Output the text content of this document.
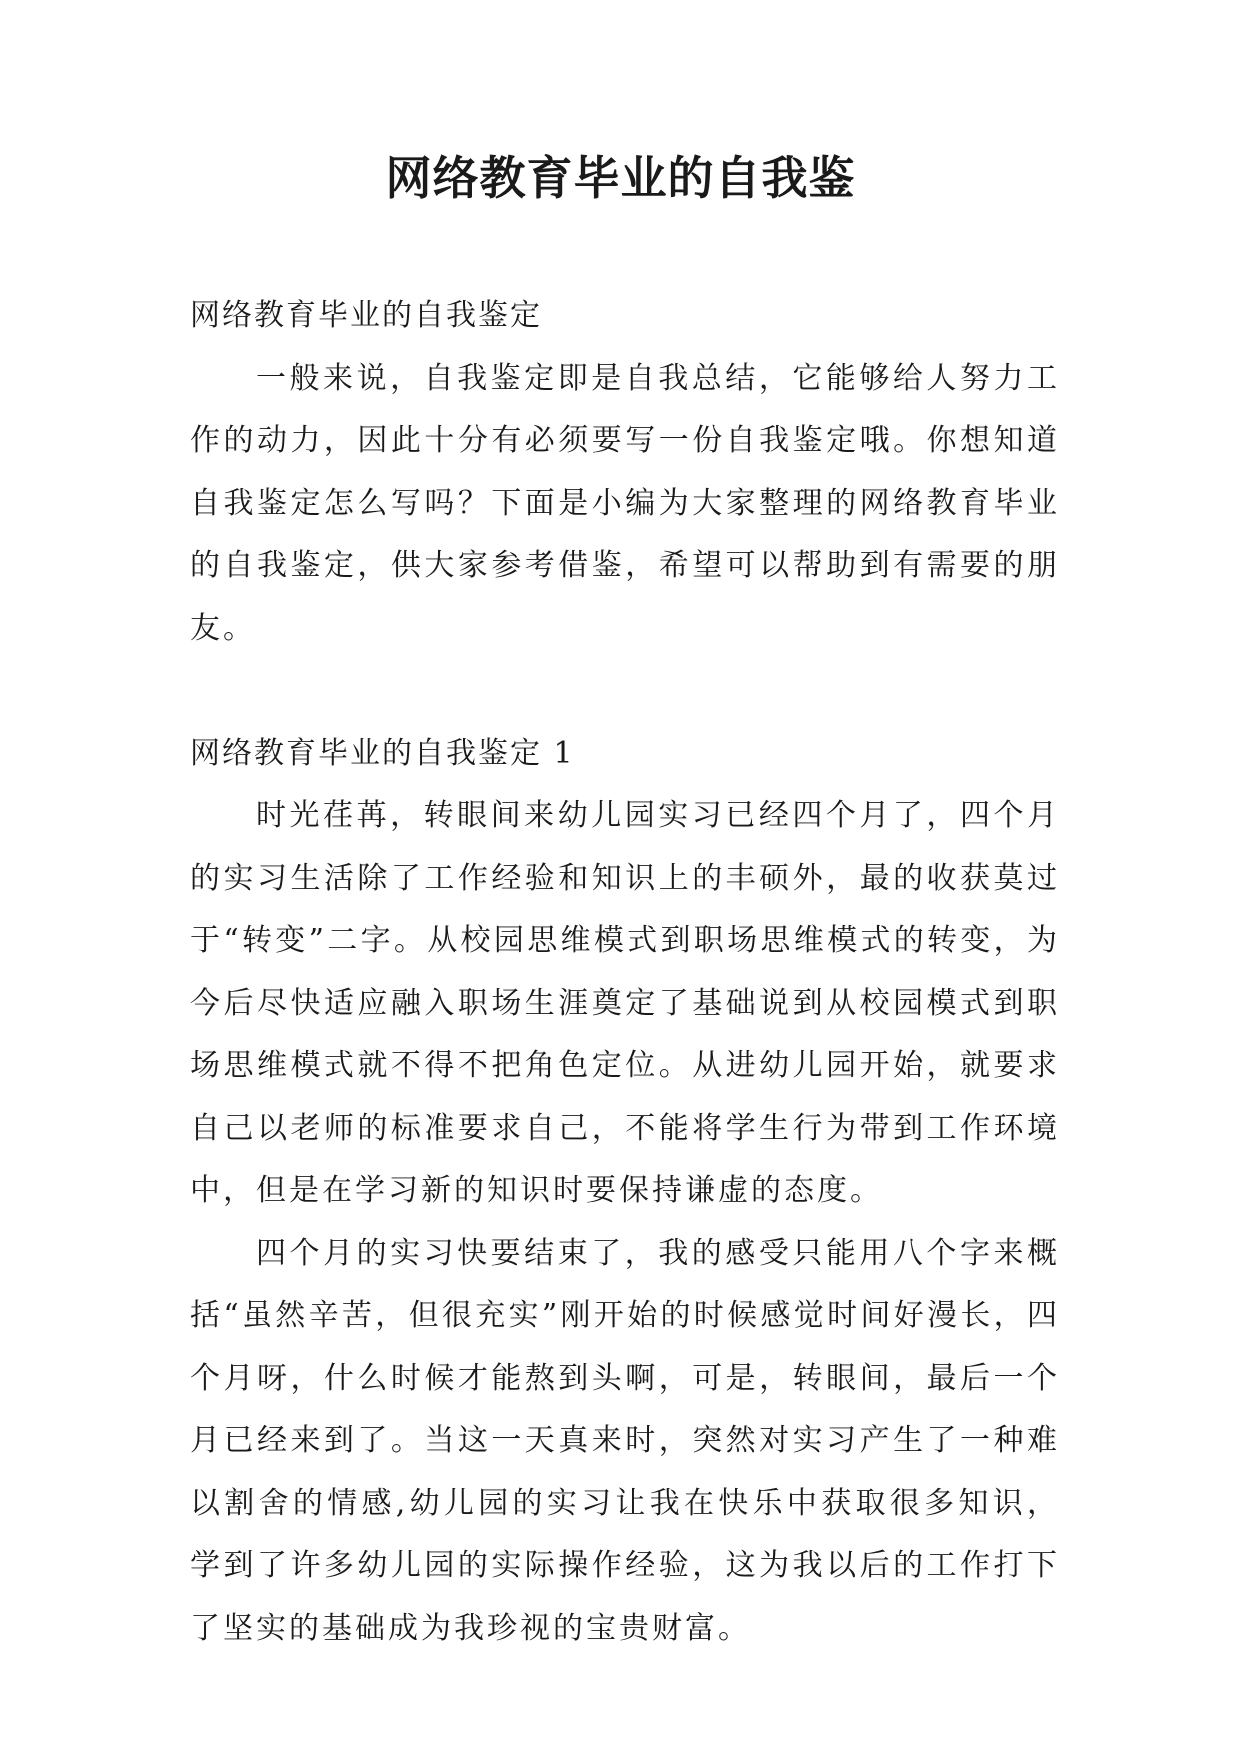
网络教育毕业的自我鉴

网络教育毕业的自我鉴定

一般来说，自我鉴定即是自我总结，它能够给人努力工作的动力，因此十分有必须要写一份自我鉴定哦。你想知道自我鉴定怎么写吗？下面是小编为大家整理的网络教育毕业的自我鉴定，供大家参考借鉴，希望可以帮助到有需要的朋友。

网络教育毕业的自我鉴定 1

时光荏苒，转眼间来幼儿园实习已经四个月了，四个月的实习生活除了工作经验和知识上的丰硕外，最的收获莫过于“转变”二字。从校园思维模式到职场思维模式的转变，为今后尽快适应融入职场生涯奠定了基础说到从校园模式到职场思维模式就不得不把角色定位。从进幼儿园开始，就要求自己以老师的标准要求自己，不能将学生行为带到工作环境中，但是在学习新的知识时要保持谦虚的态度。

四个月的实习快要结束了，我的感受只能用八个字来概括“虽然辛苦，但很充实”刚开始的时候感觉时间好漫长，四个月呀，什么时候才能熬到头啊，可是，转眼间，最后一个月已经来到了。当这一天真来时，突然对实习产生了一种难以割舍的情感,幼儿园的实习让我在快乐中获取很多知识，学到了许多幼儿园的实际操作经验，这为我以后的工作打下了坚实的基础成为我珍视的宝贵财富。
